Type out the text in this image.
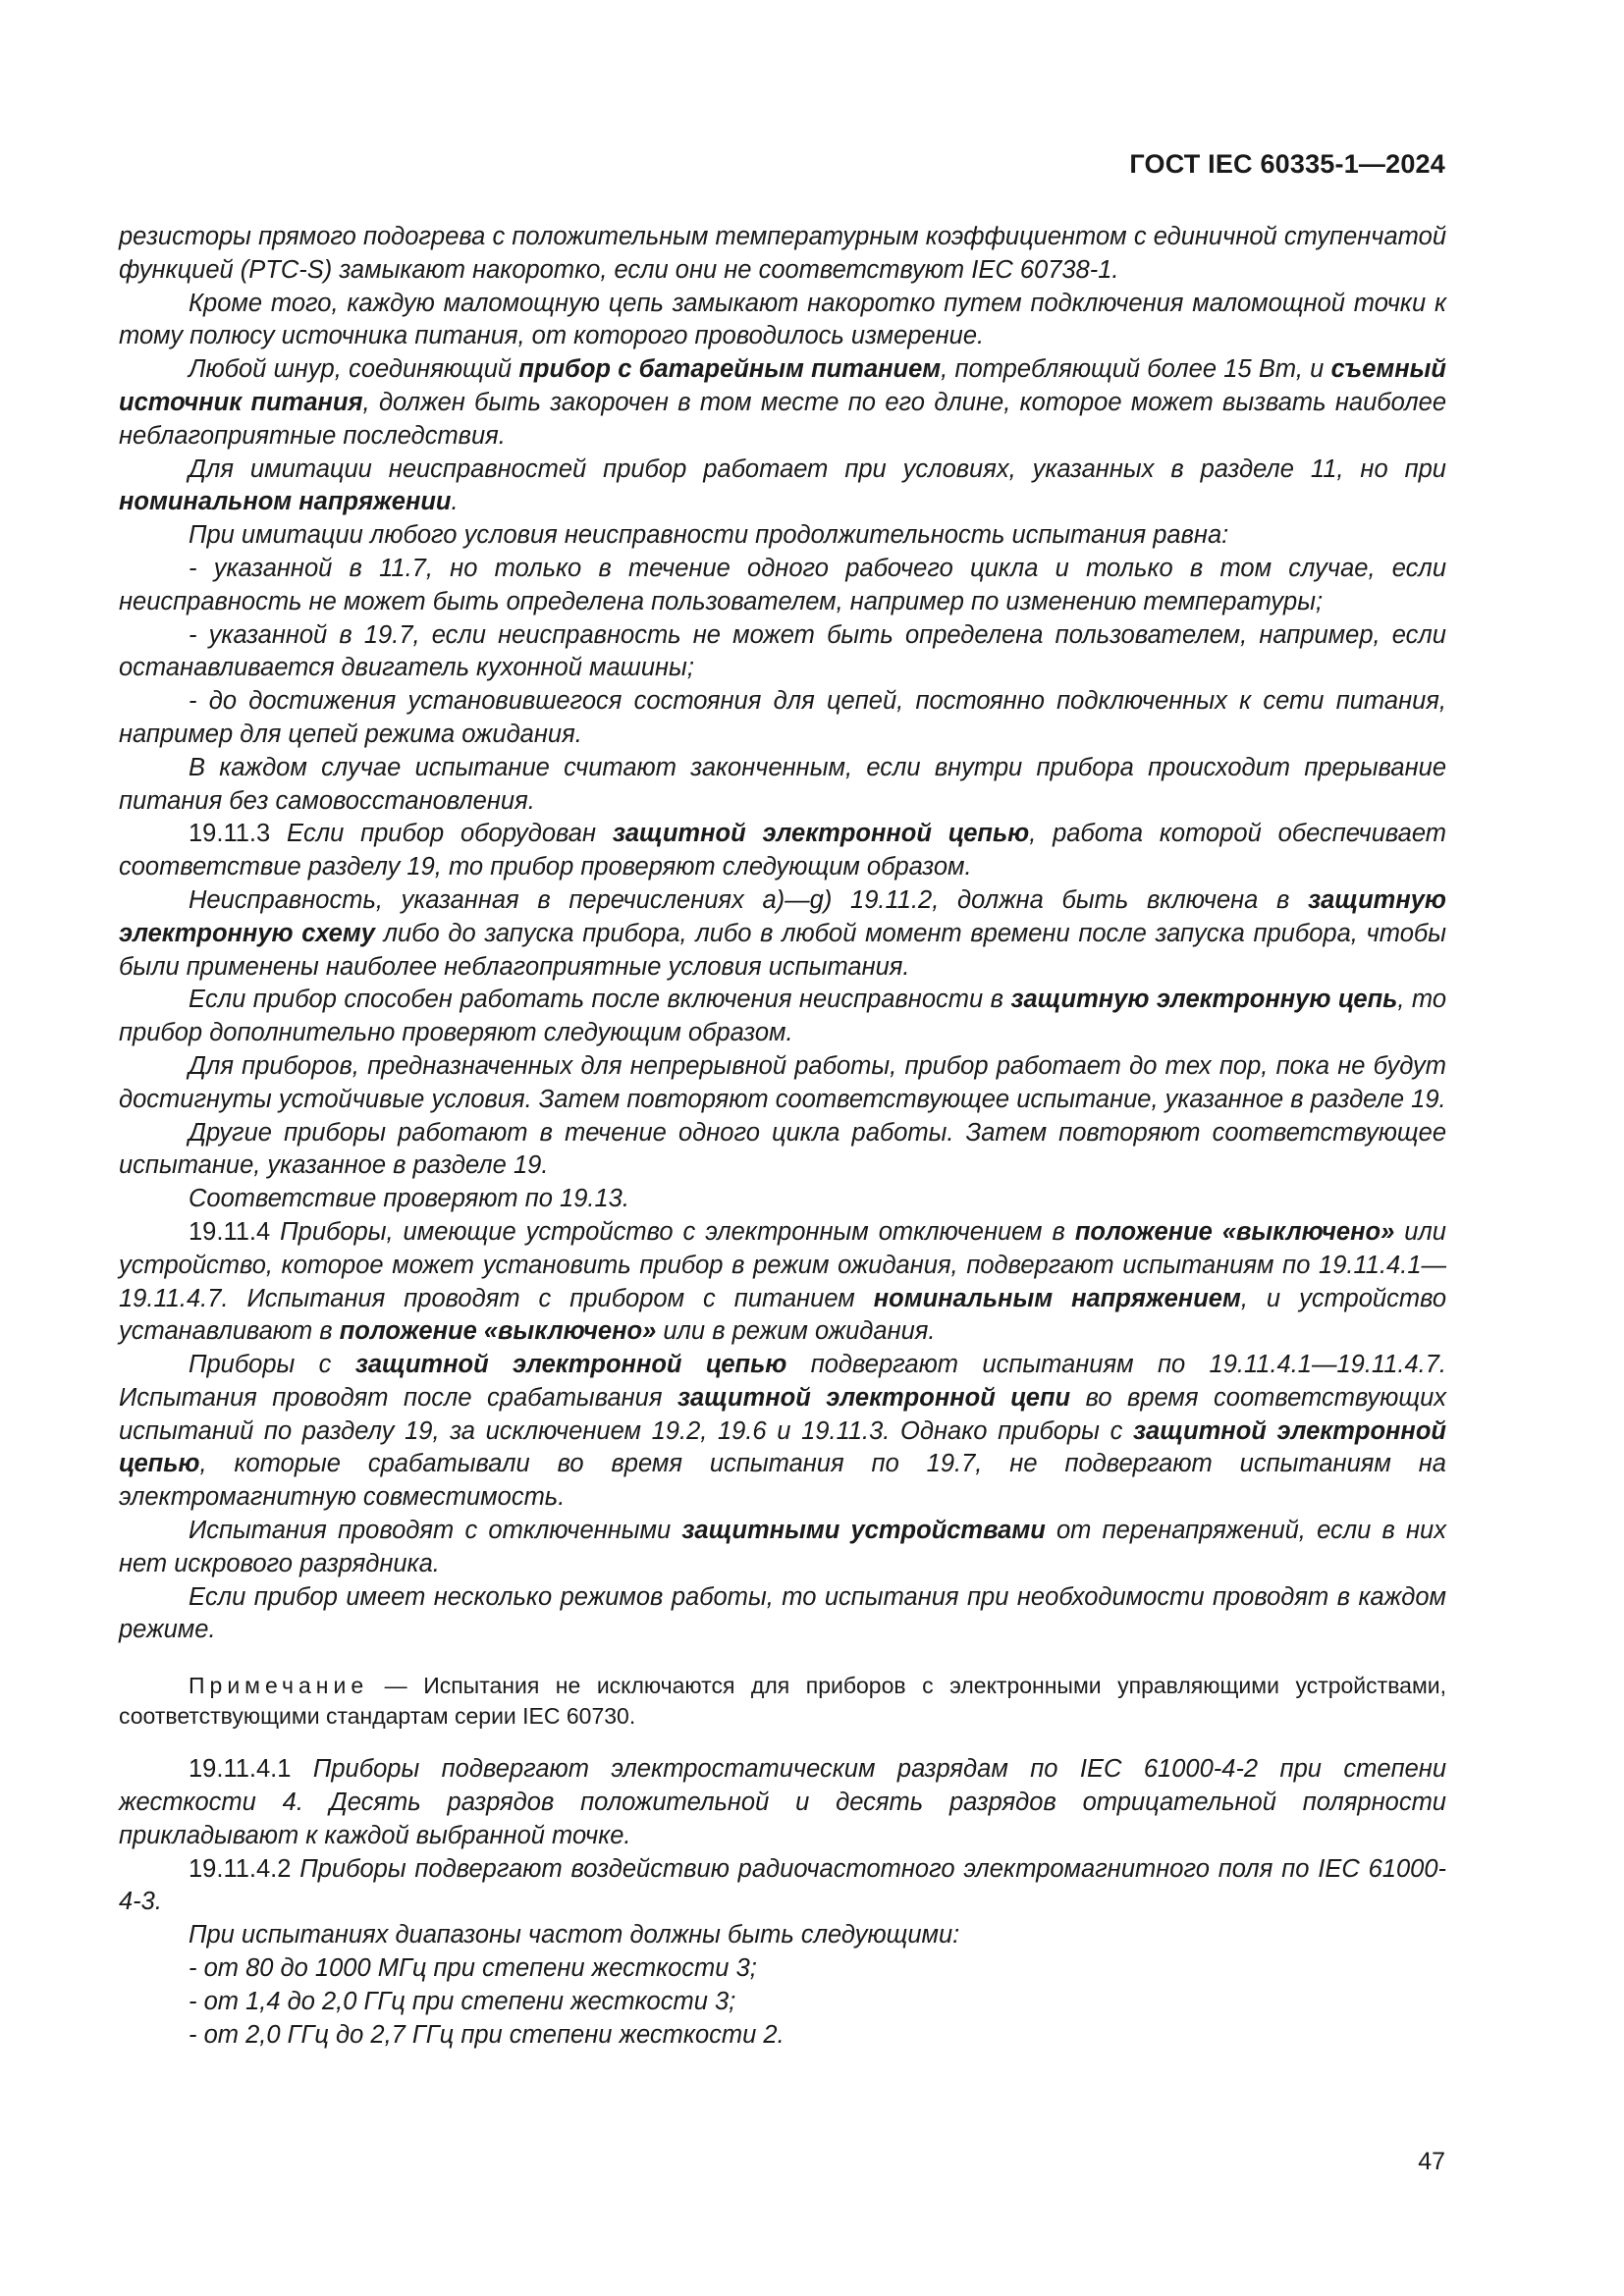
ГОСТ IEC 60335-1—2024

резисторы прямого подогрева с положительным температурным коэффициентом с единичной ступенчатой функцией (PTC-S) замыкают накоротко, если они не соответствуют IEC 60738-1.

Кроме того, каждую маломощную цепь замыкают накоротко путем подключения маломощной точки к тому полюсу источника питания, от которого проводилось измерение.

Любой шнур, соединяющий прибор с батарейным питанием, потребляющий более 15 Вт, и съемный источник питания, должен быть закорочен в том месте по его длине, которое может вызвать наиболее неблагоприятные последствия.

Для имитации неисправностей прибор работает при условиях, указанных в разделе 11, но при номинальном напряжении.

При имитации любого условия неисправности продолжительность испытания равна:

- указанной в 11.7, но только в течение одного рабочего цикла и только в том случае, если неисправность не может быть определена пользователем, например по изменению температуры;

- указанной в 19.7, если неисправность не может быть определена пользователем, например, если останавливается двигатель кухонной машины;

- до достижения установившегося состояния для цепей, постоянно подключенных к сети питания, например для цепей режима ожидания.

В каждом случае испытание считают законченным, если внутри прибора происходит прерывание питания без самовосстановления.

19.11.3 Если прибор оборудован защитной электронной цепью, работа которой обеспечивает соответствие разделу 19, то прибор проверяют следующим образом.

Неисправность, указанная в перечислениях a)—g) 19.11.2, должна быть включена в защитную электронную схему либо до запуска прибора, либо в любой момент времени после запуска прибора, чтобы были применены наиболее неблагоприятные условия испытания.

Если прибор способен работать после включения неисправности в защитную электронную цепь, то прибор дополнительно проверяют следующим образом.

Для приборов, предназначенных для непрерывной работы, прибор работает до тех пор, пока не будут достигнуты устойчивые условия. Затем повторяют соответствующее испытание, указанное в разделе 19.

Другие приборы работают в течение одного цикла работы. Затем повторяют соответствующее испытание, указанное в разделе 19.

Соответствие проверяют по 19.13.

19.11.4 Приборы, имеющие устройство с электронным отключением в положение «выключено» или устройство, которое может установить прибор в режим ожидания, подвергают испытаниям по 19.11.4.1—19.11.4.7. Испытания проводят с прибором с питанием номинальным напряжением, и устройство устанавливают в положение «выключено» или в режим ожидания.

Приборы с защитной электронной цепью подвергают испытаниям по 19.11.4.1—19.11.4.7. Испытания проводят после срабатывания защитной электронной цепи во время соответствующих испытаний по разделу 19, за исключением 19.2, 19.6 и 19.11.3. Однако приборы с защитной электронной цепью, которые срабатывали во время испытания по 19.7, не подвергают испытаниям на электромагнитную совместимость.

Испытания проводят с отключенными защитными устройствами от перенапряжений, если в них нет искрового разрядника.

Если прибор имеет несколько режимов работы, то испытания при необходимости проводят в каждом режиме.

Примечание — Испытания не исключаются для приборов с электронными управляющими устройствами, соответствующими стандартам серии IEC 60730.

19.11.4.1 Приборы подвергают электростатическим разрядам по IEC 61000-4-2 при степени жесткости 4. Десять разрядов положительной и десять разрядов отрицательной полярности прикладывают к каждой выбранной точке.

19.11.4.2 Приборы подвергают воздействию радиочастотного электромагнитного поля по IEC 61000-4-3.

При испытаниях диапазоны частот должны быть следующими:

- от 80 до 1000 МГц при степени жесткости 3;

- от 1,4 до 2,0 ГГц при степени жесткости 3;

- от 2,0 ГГц до 2,7 ГГц при степени жесткости 2.

47
